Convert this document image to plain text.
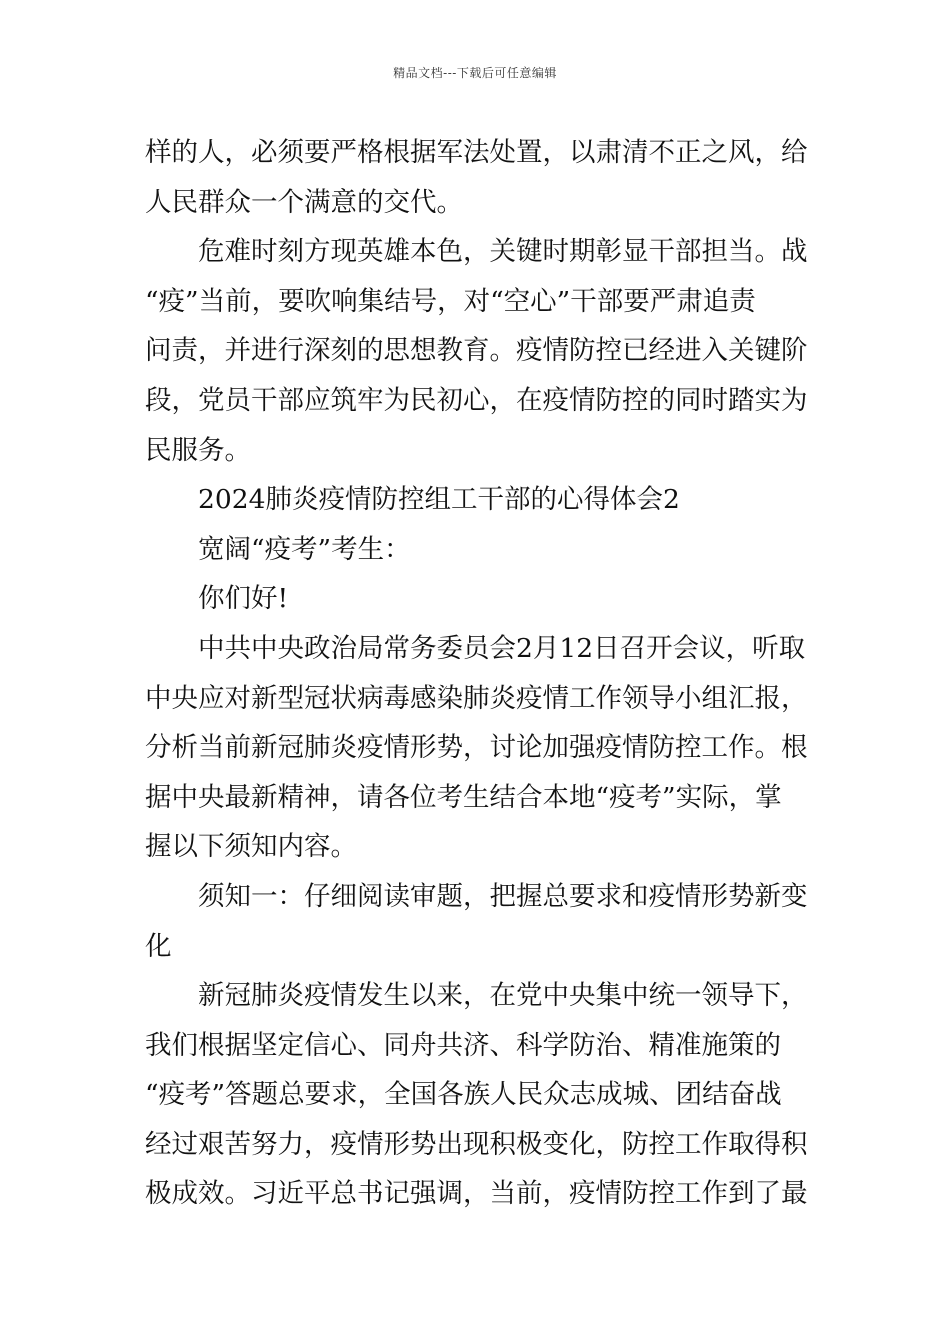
精品文档---下载后可任意编辑
样的人，必须要严格根据军法处置，以肃清不正之风，给
人民群众一个满意的交代。
危难时刻方现英雄本色，关键时期彰显干部担当。战
“疫”当前，要吹响集结号，对“空心”干部要严肃追责
问责，并进行深刻的思想教育。疫情防控已经进入关键阶
段，党员干部应筑牢为民初心，在疫情防控的同时踏实为
民服务。
2024肺炎疫情防控组工干部的心得体会2
宽阔“疫考”考生：
你们好!
中共中央政治局常务委员会2月12日召开会议，听取
中央应对新型冠状病毒感染肺炎疫情工作领导小组汇报，
分析当前新冠肺炎疫情形势，讨论加强疫情防控工作。根
据中央最新精神，请各位考生结合本地“疫考”实际，掌
握以下须知内容。
须知一：仔细阅读审题，把握总要求和疫情形势新变
化
新冠肺炎疫情发生以来，在党中央集中统一领导下，
我们根据坚定信心、同舟共济、科学防治、精准施策的
“疫考”答题总要求，全国各族人民众志成城、团结奋战
经过艰苦努力，疫情形势出现积极变化，防控工作取得积
极成效。习近平总书记强调，当前，疫情防控工作到了最
